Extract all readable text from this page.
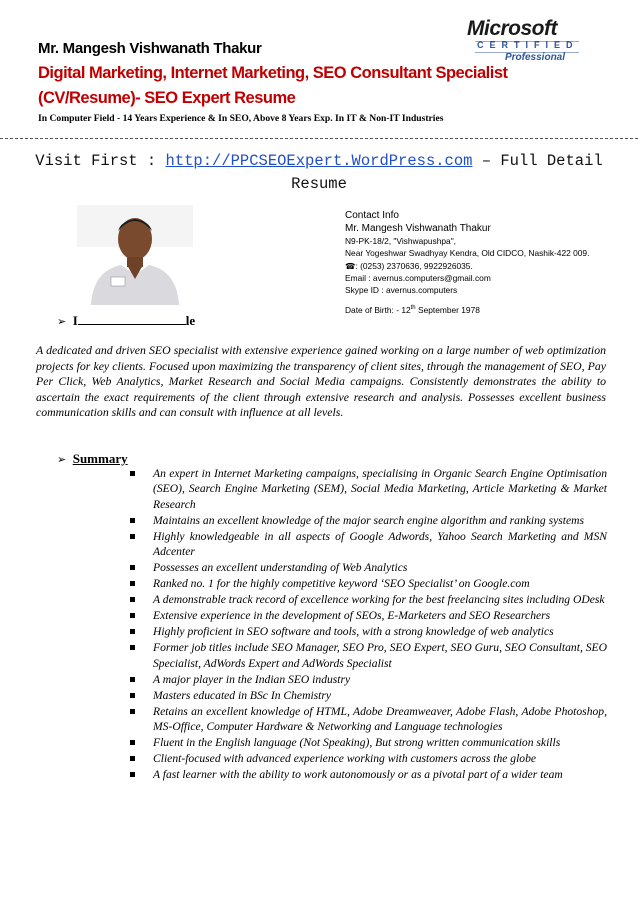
Mr. Mangesh Vishwanath Thakur
Digital Marketing, Internet Marketing, SEO Consultant Specialist
(CV/Resume)- SEO Expert Resume
In Computer Field - 14 Years Experience & In SEO, Above 8 Years Exp. In IT & Non-IT Industries
Microsoft
CERTIFIED
Professional
Visit First : http://PPCSEOExpert.WordPress.com – Full Detail Resume
Contact Info
Mr. Mangesh Vishwanath Thakur
N9-PK-18/2, "Vishwapushpa",
Near Yogeshwar Swadhyay Kendra, Old CIDCO, Nashik-422 009.
☎: (0253) 2370636, 9922926035.
Email : avernus.computers@gmail.com
Skype ID : avernus.computers
Date of Birth: - 12th September 1978
➢ I	le
A dedicated and driven SEO specialist with extensive experience gained working on a large number of web optimization projects for key clients. Focused upon maximizing the transparency of client sites, through the management of SEO, Pay Per Click, Web Analytics, Market Research and Social Media campaigns. Consistently demonstrates the ability to ascertain the exact requirements of the client through extensive research and analysis. Possesses excellent business communication skills and can consult with influence at all levels.
➢ Summary
An expert in Internet Marketing campaigns, specialising in Organic Search Engine Optimisation (SEO), Search Engine Marketing (SEM), Social Media Marketing, Article Marketing & Market Research
Maintains an excellent knowledge of the major search engine algorithm and ranking systems
Highly knowledgeable in all aspects of Google Adwords, Yahoo Search Marketing and MSN Adcenter
Possesses an excellent understanding of Web Analytics
Ranked no. 1 for the highly competitive keyword ‘SEO Specialist’ on Google.com
A demonstrable track record of excellence working for the best freelancing sites including ODesk
Extensive experience in the development of SEOs, E-Marketers and SEO Researchers
Highly proficient in SEO software and tools, with a strong knowledge of web analytics
Former job titles include SEO Manager, SEO Pro, SEO Expert, SEO Guru, SEO Consultant, SEO Specialist, AdWords Expert and AdWords Specialist
A major player in the Indian SEO industry
Masters educated in BSc In Chemistry
Retains an excellent knowledge of HTML, Adobe Dreamweaver, Adobe Flash, Adobe Photoshop, MS-Office, Computer Hardware & Networking and Language technologies
Fluent in the English language (Not Speaking), But strong written communication skills
Client-focused with advanced experience working with customers across the globe
A fast learner with the ability to work autonomously or as a pivotal part of a wider team
